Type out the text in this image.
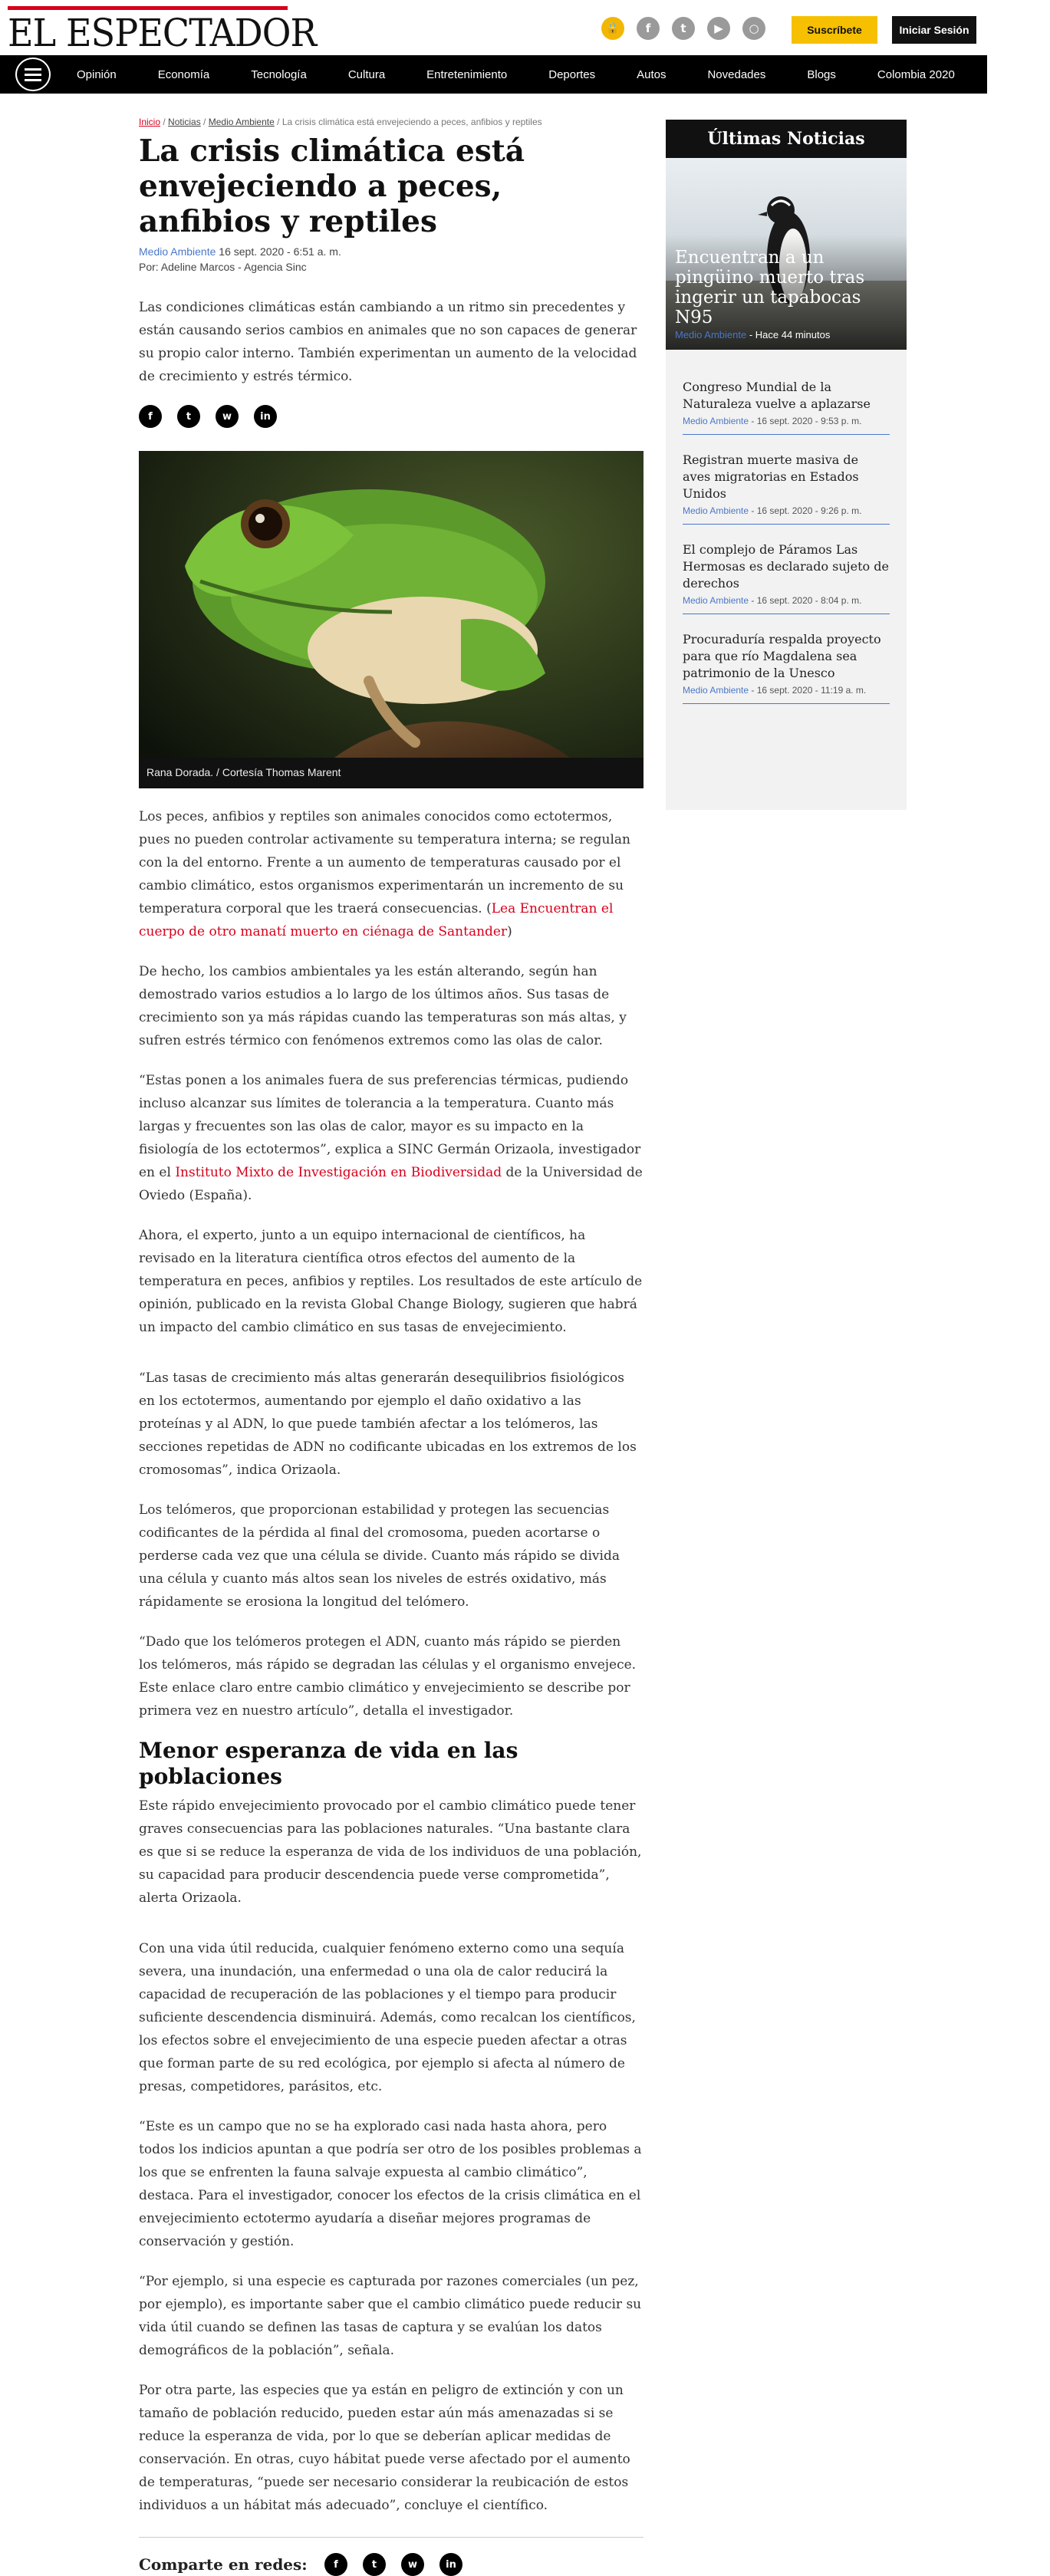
EL ESPECTADOR	🔒	f	t	▶	○	Suscríbete	Iniciar Sesión
Opinión	Economía	Tecnología	Cultura	Entretenimiento	Deportes	Autos	Novedades	Blogs	Colombia 2020	Cr
Inicio / Noticias / Medio Ambiente / La crisis climática está envejeciendo a peces, anfibios y reptiles
La crisis climática está envejeciendo a peces, anfibios y reptiles
Medio Ambiente 16 sept. 2020 - 6:51 a. m.
Por: Adeline Marcos - Agencia Sinc

Las condiciones climáticas están cambiando a un ritmo sin precedentes y están causando serios cambios en animales que no son capaces de generar su propio calor interno. También experimentan un aumento de la velocidad de crecimiento y estrés térmico.

f	t	w	in
Rana Dorada. / Cortesía Thomas Marent

Los peces, anfibios y reptiles son animales conocidos como ectotermos, pues no pueden controlar activamente su temperatura interna; se regulan con la del entorno. Frente a un aumento de temperaturas causado por el cambio climático, estos organismos experimentarán un incremento de su temperatura corporal que les traerá consecuencias. (Lea Encuentran el cuerpo de otro manatí muerto en ciénaga de Santander)

De hecho, los cambios ambientales ya les están alterando, según han demostrado varios estudios a lo largo de los últimos años. Sus tasas de crecimiento son ya más rápidas cuando las temperaturas son más altas, y sufren estrés térmico con fenómenos extremos como las olas de calor.

“Estas ponen a los animales fuera de sus preferencias térmicas, pudiendo incluso alcanzar sus límites de tolerancia a la temperatura. Cuanto más largas y frecuentes son las olas de calor, mayor es su impacto en la fisiología de los ectotermos”, explica a SINC Germán Orizaola, investigador en el Instituto Mixto de Investigación en Biodiversidad de la Universidad de Oviedo (España).

Ahora, el experto, junto a un equipo internacional de científicos, ha revisado en la literatura científica otros efectos del aumento de la temperatura en peces, anfibios y reptiles. Los resultados de este artículo de opinión, publicado en la revista Global Change Biology, sugieren que habrá un impacto del cambio climático en sus tasas de envejecimiento.

“Las tasas de crecimiento más altas generarán desequilibrios fisiológicos en los ectotermos, aumentando por ejemplo el daño oxidativo a las proteínas y al ADN, lo que puede también afectar a los telómeros, las secciones repetidas de ADN no codificante ubicadas en los extremos de los cromosomas”, indica Orizaola.

Los telómeros, que proporcionan estabilidad y protegen las secuencias codificantes de la pérdida al final del cromosoma, pueden acortarse o perderse cada vez que una célula se divide. Cuanto más rápido se divida una célula y cuanto más altos sean los niveles de estrés oxidativo, más rápidamente se erosiona la longitud del telómero.

“Dado que los telómeros protegen el ADN, cuanto más rápido se pierden los telómeros, más rápido se degradan las células y el organismo envejece. Este enlace claro entre cambio climático y envejecimiento se describe por primera vez en nuestro artículo”, detalla el investigador.

Menor esperanza de vida en las poblaciones

Este rápido envejecimiento provocado por el cambio climático puede tener graves consecuencias para las poblaciones naturales. “Una bastante clara es que si se reduce la esperanza de vida de los individuos de una población, su capacidad para producir descendencia puede verse comprometida”, alerta Orizaola.

Con una vida útil reducida, cualquier fenómeno externo como una sequía severa, una inundación, una enfermedad o una ola de calor reducirá la capacidad de recuperación de las poblaciones y el tiempo para producir suficiente descendencia disminuirá. Además, como recalcan los científicos, los efectos sobre el envejecimiento de una especie pueden afectar a otras que forman parte de su red ecológica, por ejemplo si afecta al número de presas, competidores, parásitos, etc.

“Este es un campo que no se ha explorado casi nada hasta ahora, pero todos los indicios apuntan a que podría ser otro de los posibles problemas a los que se enfrenten la fauna salvaje expuesta al cambio climático”, destaca. Para el investigador, conocer los efectos de la crisis climática en el envejecimiento ectotermo ayudaría a diseñar mejores programas de conservación y gestión.

“Por ejemplo, si una especie es capturada por razones comerciales (un pez, por ejemplo), es importante saber que el cambio climático puede reducir su vida útil cuando se definen las tasas de captura y se evalúan los datos demográficos de la población”, señala.

Por otra parte, las especies que ya están en peligro de extinción y con un tamaño de población reducido, pueden estar aún más amenazadas si se reduce la esperanza de vida, por lo que se deberían aplicar medidas de conservación. En otras, cuyo hábitat puede verse afectado por el aumento de temperaturas, “puede ser necesario considerar la reubicación de estos individuos a un hábitat más adecuado”, concluye el científico.

Comparte en redes:	f	t	w	in
Últimas Noticias
Encuentran a un pingüino muerto tras ingerir un tapabocas N95
Medio Ambiente - Hace 44 minutos
Congreso Mundial de la Naturaleza vuelve a aplazarse
Medio Ambiente - 16 sept. 2020 - 9:53 p. m.
Registran muerte masiva de aves migratorias en Estados Unidos
Medio Ambiente - 16 sept. 2020 - 9:26 p. m.
El complejo de Páramos Las Hermosas es declarado sujeto de derechos
Medio Ambiente - 16 sept. 2020 - 8:04 p. m.
Procuraduría respalda proyecto para que río Magdalena sea patrimonio de la Unesco
Medio Ambiente - 16 sept. 2020 - 11:19 a. m.
